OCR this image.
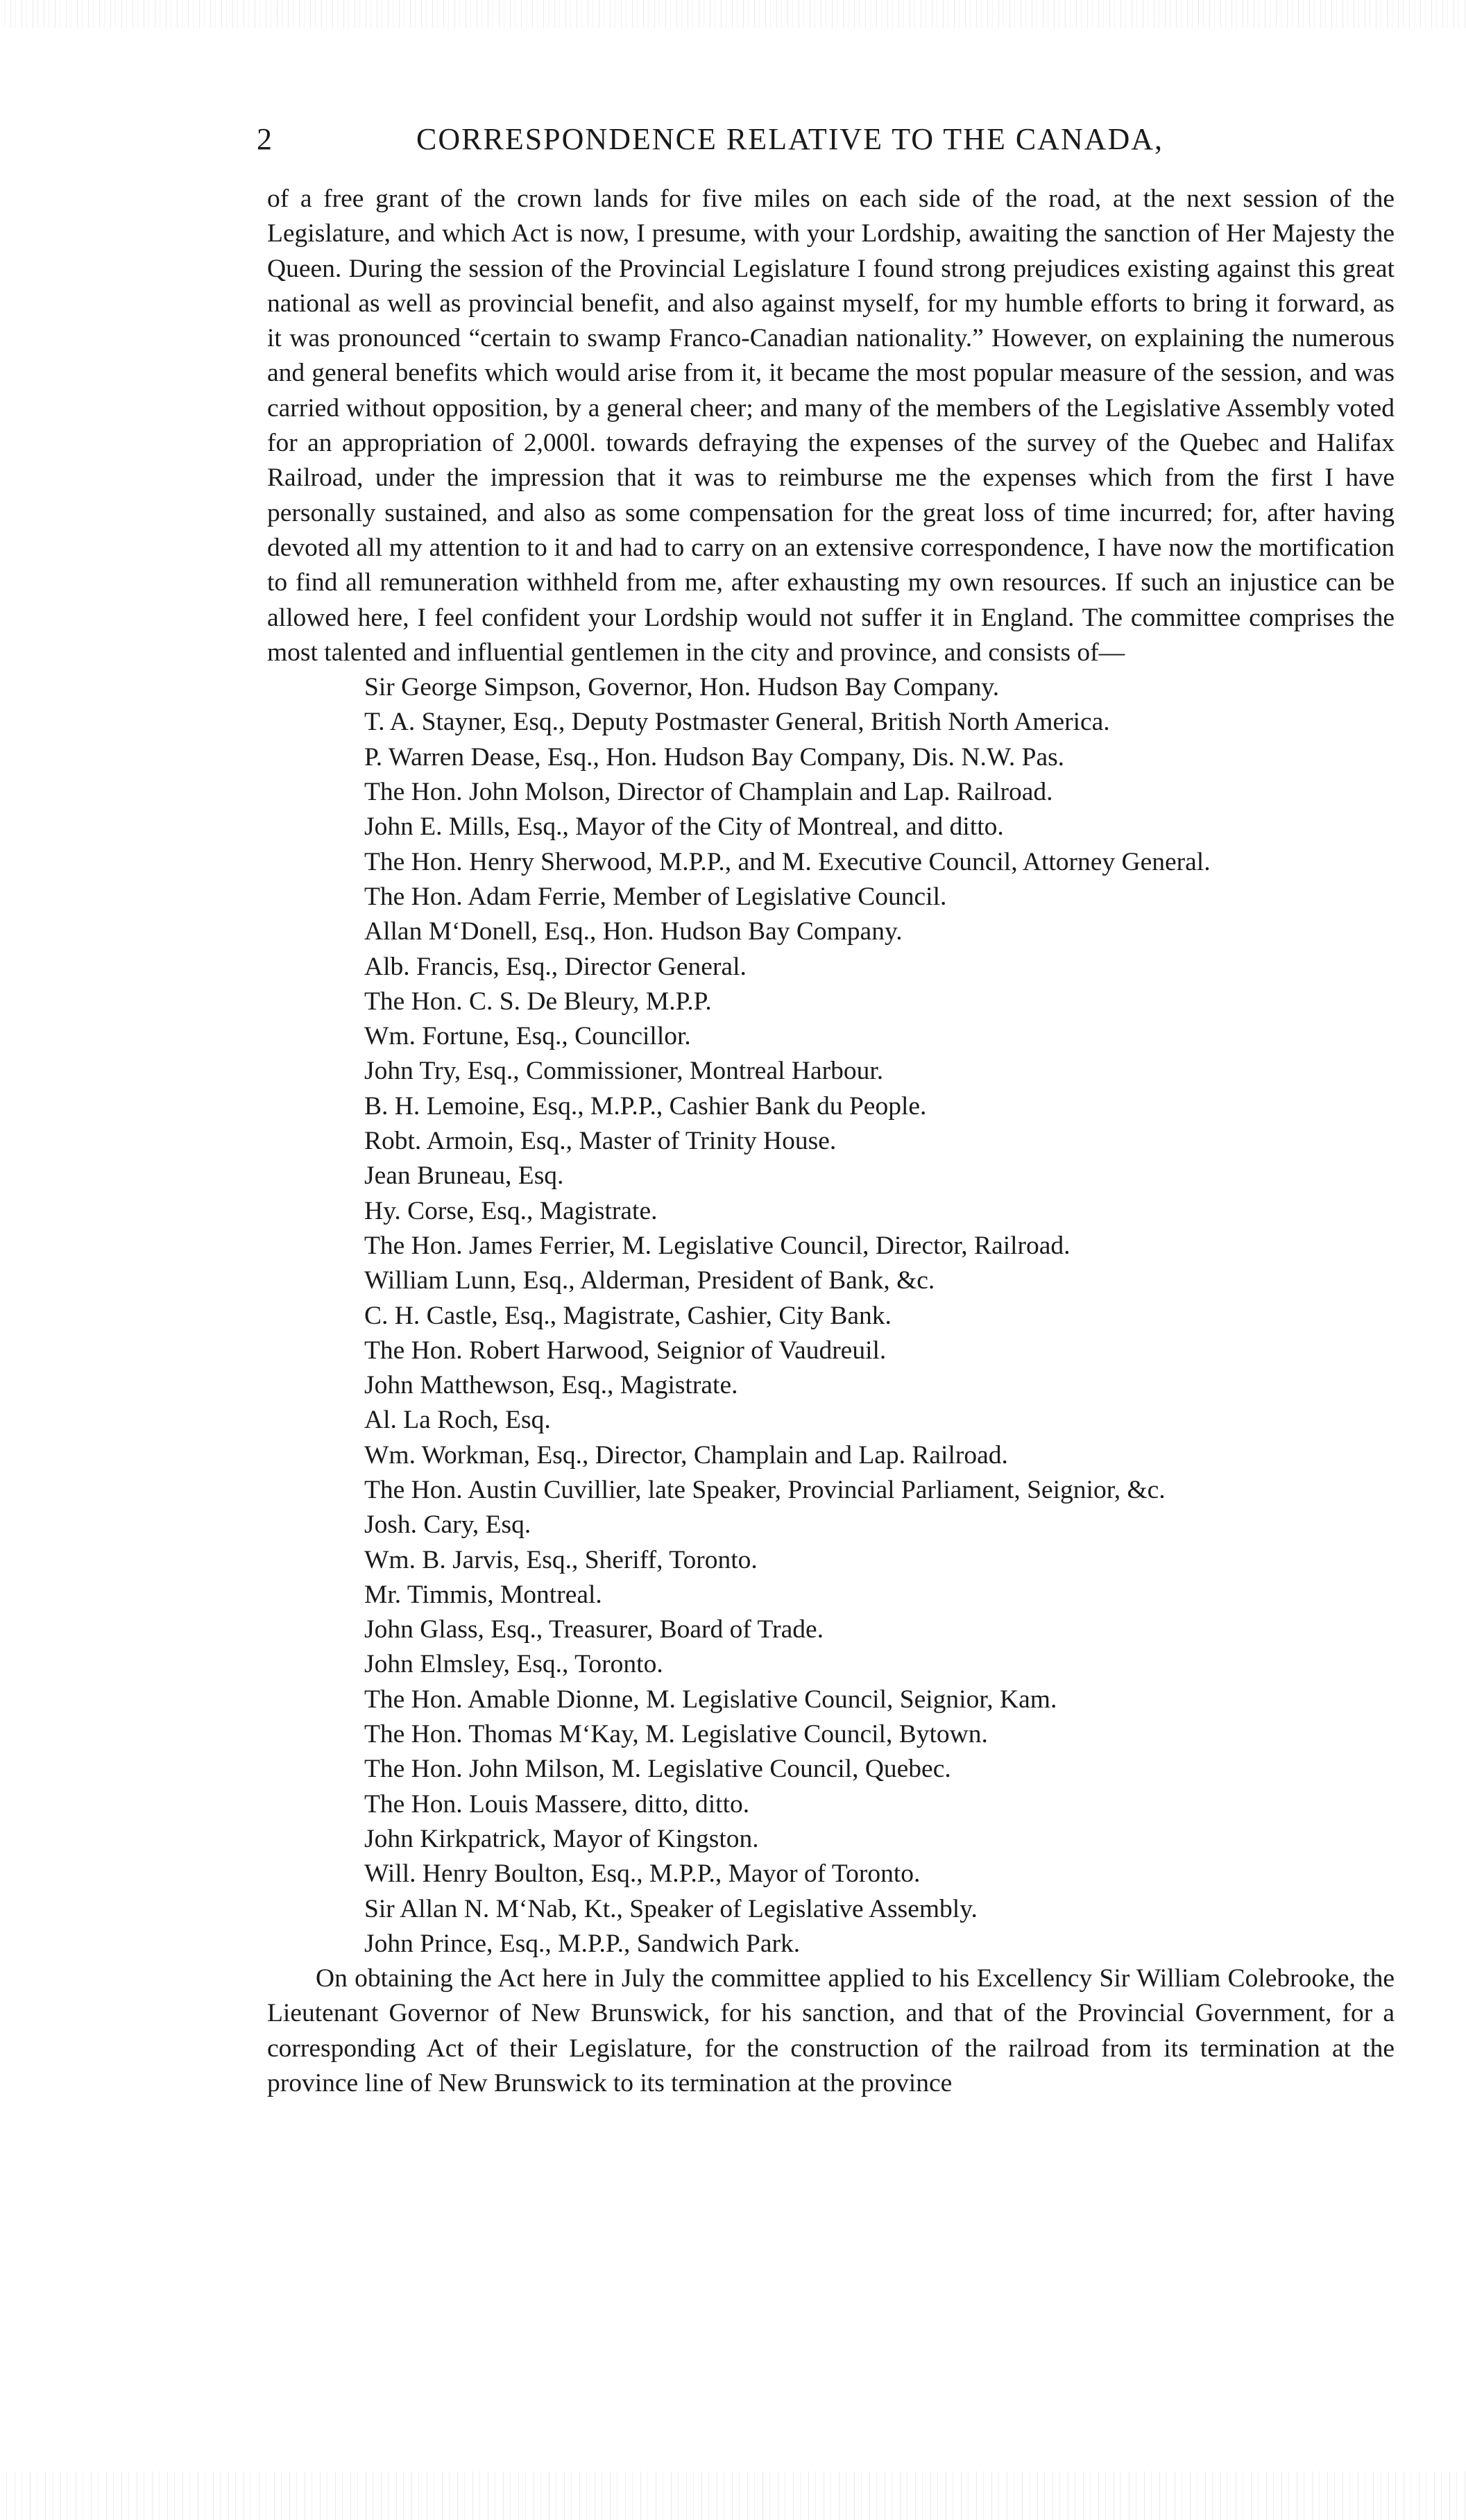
2	CORRESPONDENCE RELATIVE TO THE CANADA,

of a free grant of the crown lands for five miles on each side of the road, at the next session of the Legislature, and which Act is now, I presume, with your Lordship, awaiting the sanction of Her Majesty the Queen. During the session of the Provincial Legislature I found strong prejudices existing against this great national as well as provincial benefit, and also against myself, for my humble efforts to bring it forward, as it was pronounced “certain to swamp Franco-Canadian nationality.” However, on explaining the numerous and general benefits which would arise from it, it became the most popular measure of the session, and was carried without opposition, by a general cheer; and many of the members of the Legislative Assembly voted for an appropriation of 2,000l. towards defraying the expenses of the survey of the Quebec and Halifax Railroad, under the impression that it was to reimburse me the expenses which from the first I have personally sustained, and also as some compensation for the great loss of time incurred; for, after having devoted all my attention to it and had to carry on an extensive correspondence, I have now the mortification to find all remuneration withheld from me, after exhausting my own resources. If such an injustice can be allowed here, I feel confident your Lordship would not suffer it in England. The committee comprises the most talented and influential gentlemen in the city and province, and consists of—

Sir George Simpson, Governor, Hon. Hudson Bay Company.
T. A. Stayner, Esq., Deputy Postmaster General, British North America.
P. Warren Dease, Esq., Hon. Hudson Bay Company, Dis. N.W. Pas.
The Hon. John Molson, Director of Champlain and Lap. Railroad.
John E. Mills, Esq., Mayor of the City of Montreal, and ditto.
The Hon. Henry Sherwood, M.P.P., and M. Executive Council, Attorney General.
The Hon. Adam Ferrie, Member of Legislative Council.
Allan M‘Donell, Esq., Hon. Hudson Bay Company.
Alb. Francis, Esq., Director General.
The Hon. C. S. De Bleury, M.P.P.
Wm. Fortune, Esq., Councillor.
John Try, Esq., Commissioner, Montreal Harbour.
B. H. Lemoine, Esq., M.P.P., Cashier Bank du People.
Robt. Armoin, Esq., Master of Trinity House.
Jean Bruneau, Esq.
Hy. Corse, Esq., Magistrate.
The Hon. James Ferrier, M. Legislative Council, Director, Railroad.
William Lunn, Esq., Alderman, President of Bank, &c.
C. H. Castle, Esq., Magistrate, Cashier, City Bank.
The Hon. Robert Harwood, Seignior of Vaudreuil.
John Matthewson, Esq., Magistrate.
Al. La Roch, Esq.
Wm. Workman, Esq., Director, Champlain and Lap. Railroad.
The Hon. Austin Cuvillier, late Speaker, Provincial Parliament, Seignior, &c.
Josh. Cary, Esq.
Wm. B. Jarvis, Esq., Sheriff, Toronto.
Mr. Timmis, Montreal.
John Glass, Esq., Treasurer, Board of Trade.
John Elmsley, Esq., Toronto.
The Hon. Amable Dionne, M. Legislative Council, Seignior, Kam.
The Hon. Thomas M‘Kay, M. Legislative Council, Bytown.
The Hon. John Milson, M. Legislative Council, Quebec.
The Hon. Louis Massere, ditto, ditto.
John Kirkpatrick, Mayor of Kingston.
Will. Henry Boulton, Esq., M.P.P., Mayor of Toronto.
Sir Allan N. M‘Nab, Kt., Speaker of Legislative Assembly.
John Prince, Esq., M.P.P., Sandwich Park.

On obtaining the Act here in July the committee applied to his Excellency Sir William Colebrooke, the Lieutenant Governor of New Brunswick, for his sanction, and that of the Provincial Government, for a corresponding Act of their Legislature, for the construction of the railroad from its termination at the province line of New Brunswick to its termination at the province
